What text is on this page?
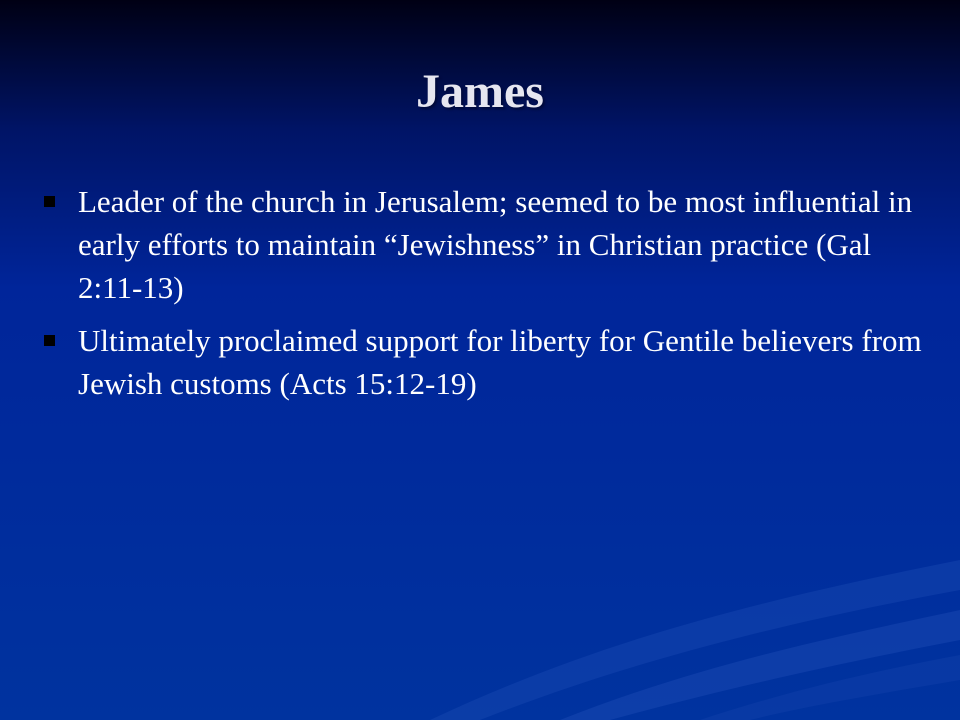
James
Leader of the church in Jerusalem; seemed to be most influential in early efforts to maintain “Jewishness” in Christian practice (Gal 2:11-13)
Ultimately proclaimed support for liberty for Gentile believers from Jewish customs (Acts 15:12-19)
